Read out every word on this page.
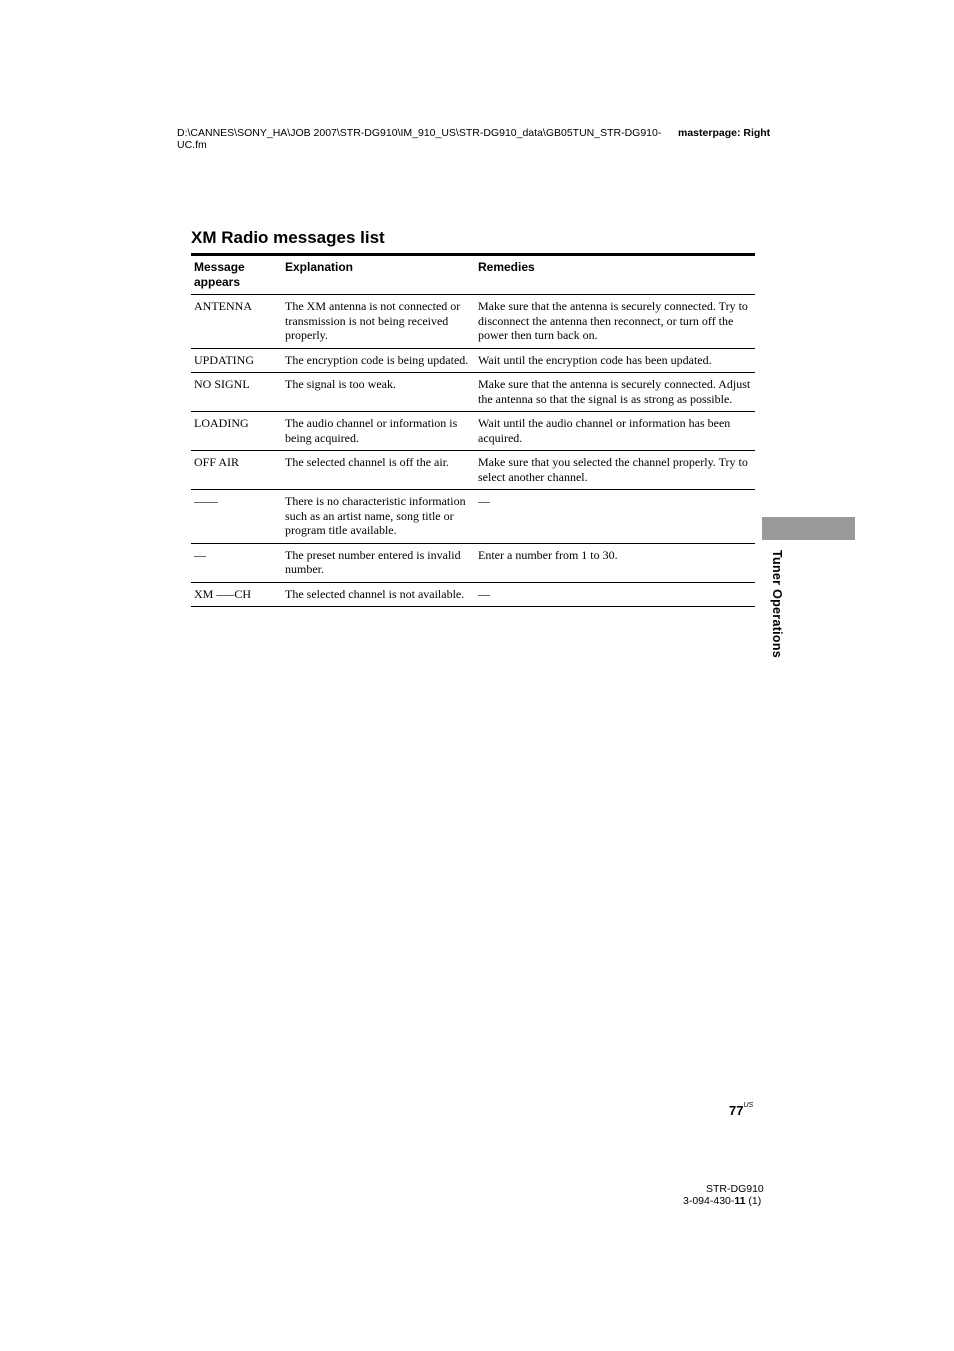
D:\CANNES\SONY_HA\JOB 2007\STR-DG910\IM_910_US\STR-DG910_data\GB05TUN_STR-DG910-UC.fm
masterpage: Right
XM Radio messages list
Message appears	Explanation	Remedies
ANTENNA	The XM antenna is not connected or transmission is not being received properly.	Make sure that the antenna is securely connected. Try to disconnect the antenna then reconnect, or turn off the power then turn back on.
UPDATING	The encryption code is being updated.	Wait until the encryption code has been updated.
NO SIGNL	The signal is too weak.	Make sure that the antenna is securely connected. Adjust the antenna so that the signal is as strong as possible.
LOADING	The audio channel or information is being acquired.	Wait until the audio channel or information has been acquired.
OFF AIR	The selected channel is off the air.	Make sure that you selected the channel properly. Try to select another channel.
––––	There is no characteristic information such as an artist name, song title or program title available.	—
––	The preset number entered is invalid number.	Enter a number from 1 to 30.
XM –––CH	The selected channel is not available.	—	Tuner Operations
$77^{US}$
STR-DG910
3-094-430-11 (1)
